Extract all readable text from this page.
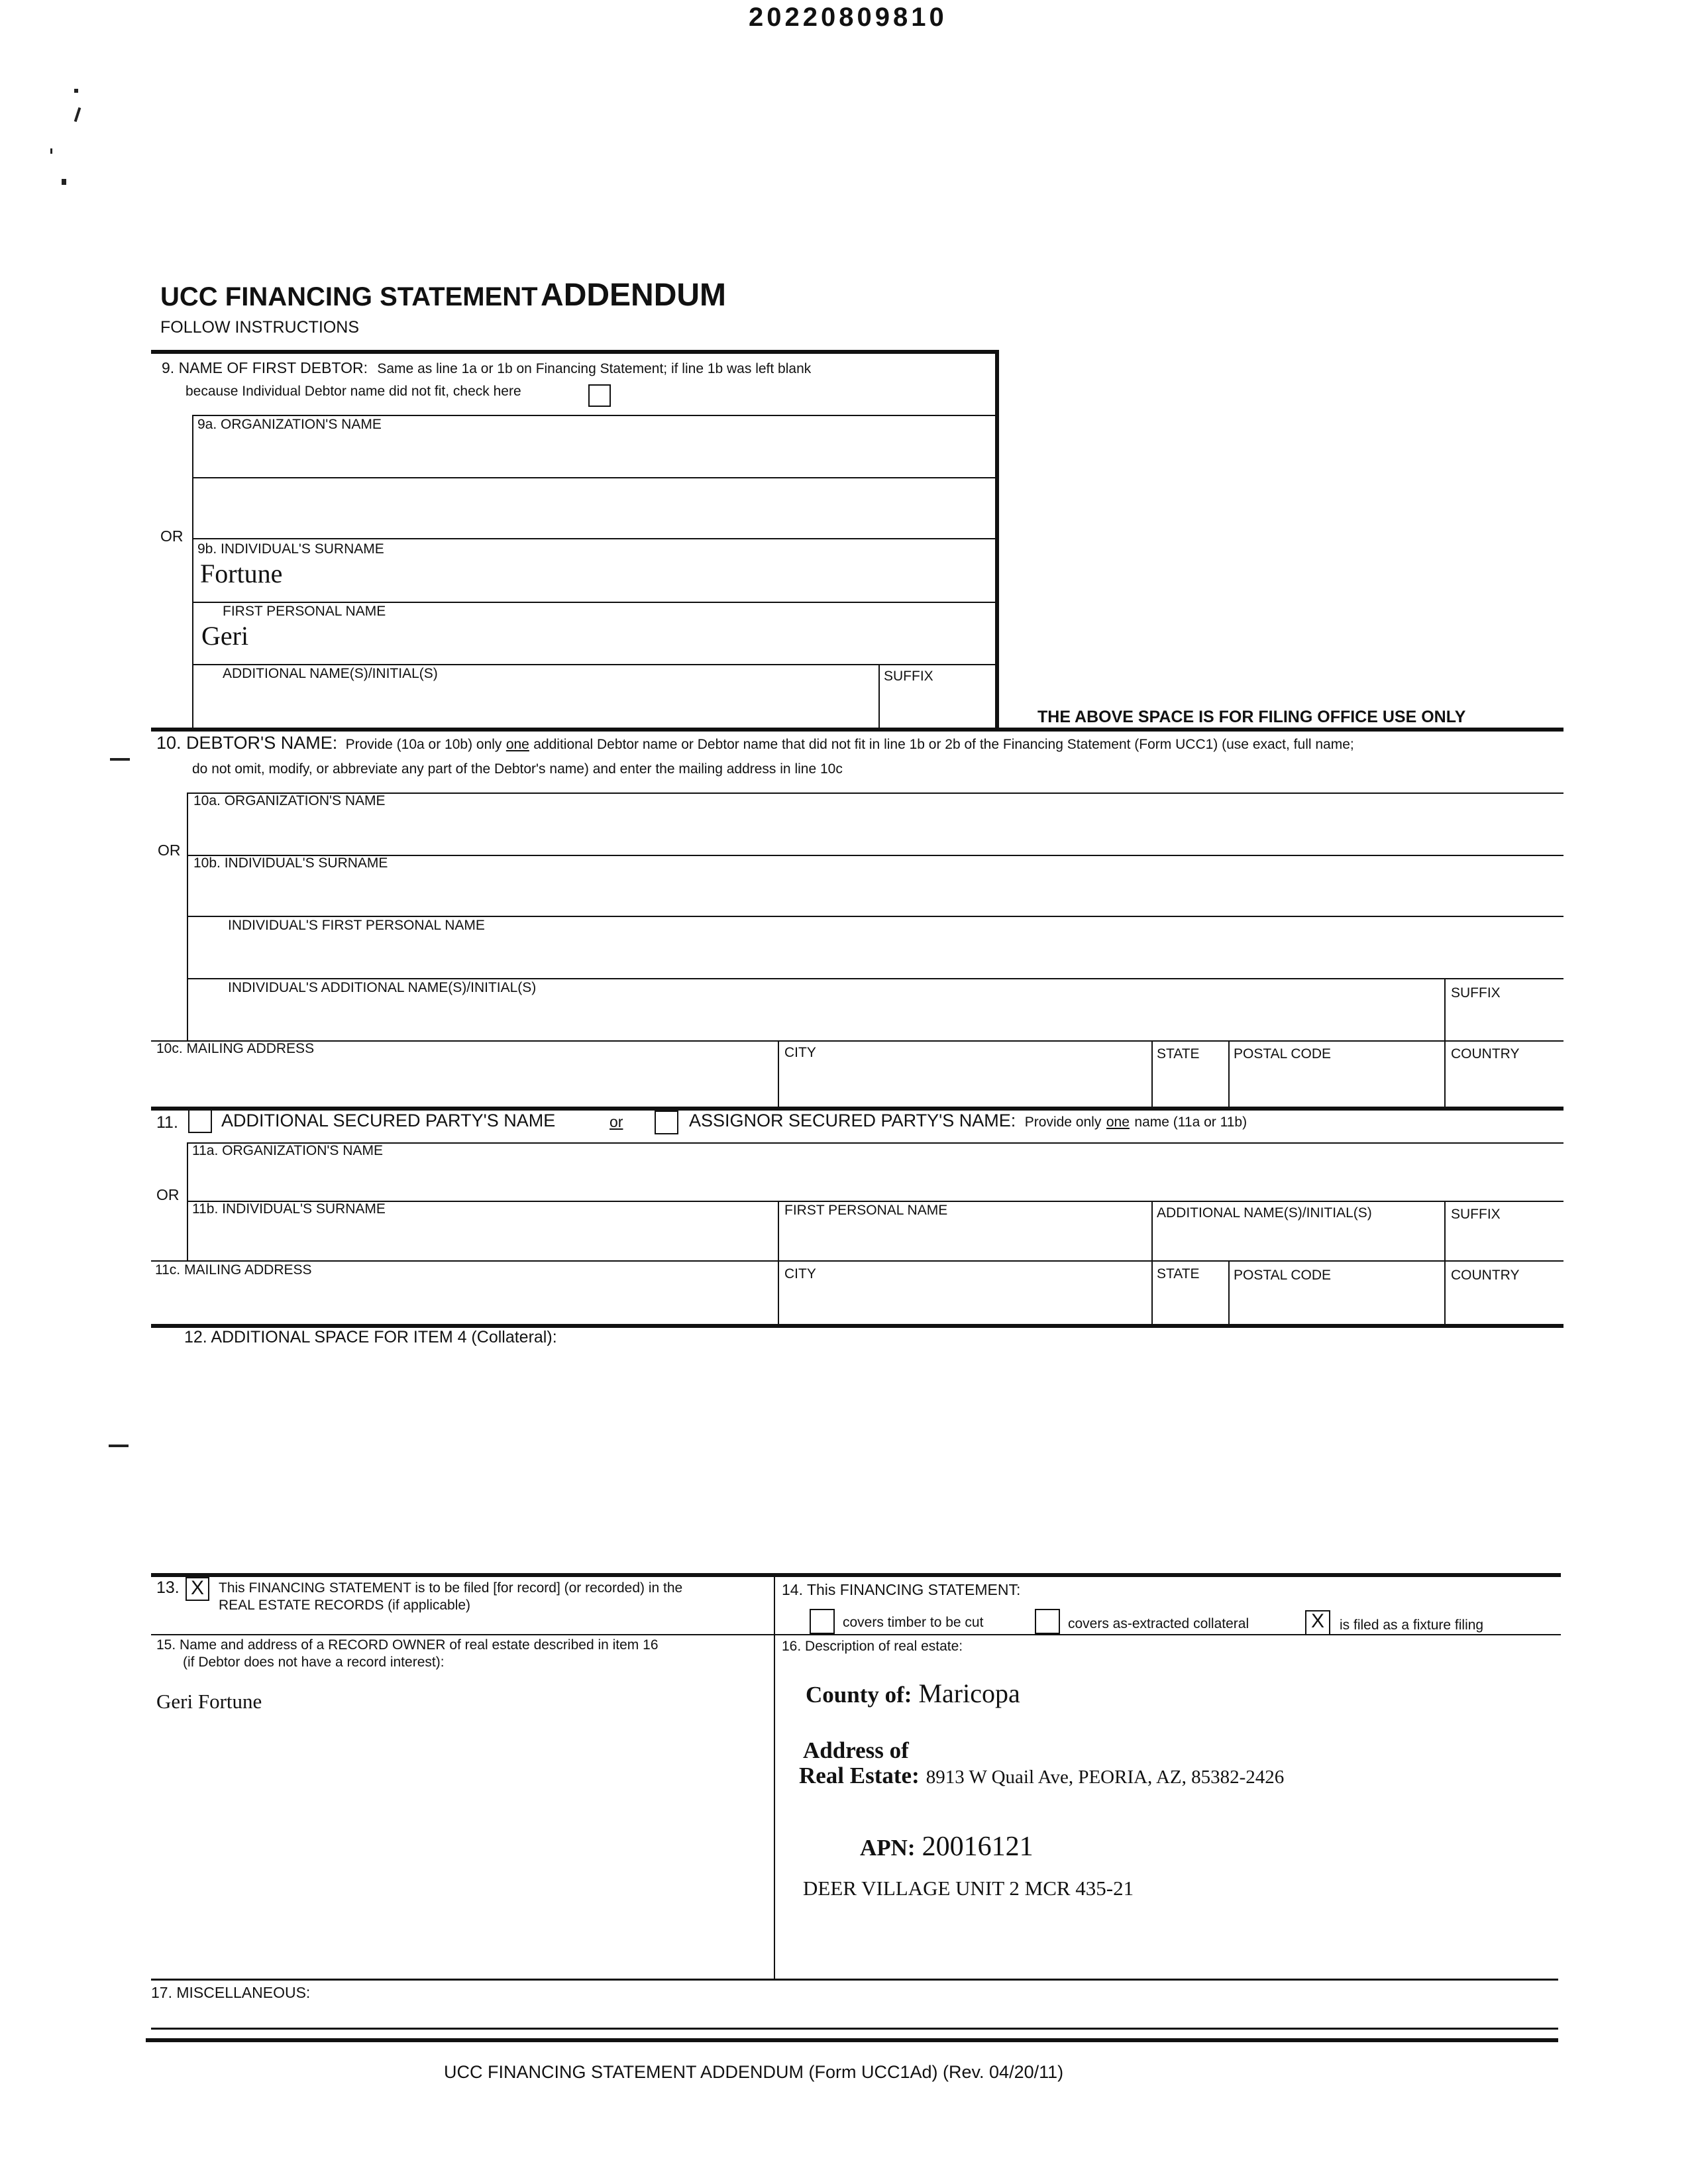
20220809810
UCC FINANCING STATEMENT ADDENDUM
FOLLOW INSTRUCTIONS
9. NAME OF FIRST DEBTOR: Same as line 1a or 1b on Financing Statement; if line 1b was left blank
because Individual Debtor name did not fit, check here
9a. ORGANIZATION'S NAME
OR
9b. INDIVIDUAL'S SURNAME
Fortune
FIRST PERSONAL NAME
Geri
ADDITIONAL NAME(S)/INITIAL(S)	SUFFIX
THE ABOVE SPACE IS FOR FILING OFFICE USE ONLY
10. DEBTOR'S NAME: Provide (10a or 10b) only one additional Debtor name or Debtor name that did not fit in line 1b or 2b of the Financing Statement (Form UCC1) (use exact, full name;
do not omit, modify, or abbreviate any part of the Debtor's name) and enter the mailing address in line 10c
10a. ORGANIZATION'S NAME
OR
10b. INDIVIDUAL'S SURNAME
INDIVIDUAL'S FIRST PERSONAL NAME
INDIVIDUAL'S ADDITIONAL NAME(S)/INITIAL(S)	SUFFIX
10c. MAILING ADDRESS	CITY	STATE POSTAL CODE	COUNTRY
11. ADDITIONAL SECURED PARTY'S NAME	or	ASSIGNOR SECURED PARTY'S NAME: Provide only one name (11a or 11b)
11a. ORGANIZATION'S NAME
OR
11b. INDIVIDUAL'S SURNAME	FIRST PERSONAL NAME	ADDITIONAL NAME(S)/INITIAL(S)	SUFFIX
11c. MAILING ADDRESS	CITY	STATE POSTAL CODE	COUNTRY
12. ADDITIONAL SPACE FOR ITEM 4 (Collateral):
13. X	This FINANCING STATEMENT is to be filed [for record] (or recorded) in the
REAL ESTATE RECORDS (if applicable)
14. This FINANCING STATEMENT:
covers timber to be cut	covers as-extracted collateral	X	is filed as a fixture filing
15. Name and address of a RECORD OWNER of real estate described in item 16
(if Debtor does not have a record interest):
Geri Fortune
16. Description of real estate:
County of: Maricopa
Address of
Real Estate: 8913 W Quail Ave, PEORIA, AZ, 85382-2426
APN: 20016121
DEER VILLAGE UNIT 2 MCR 435-21
17. MISCELLANEOUS:
UCC FINANCING STATEMENT ADDENDUM (Form UCC1Ad) (Rev. 04/20/11)
